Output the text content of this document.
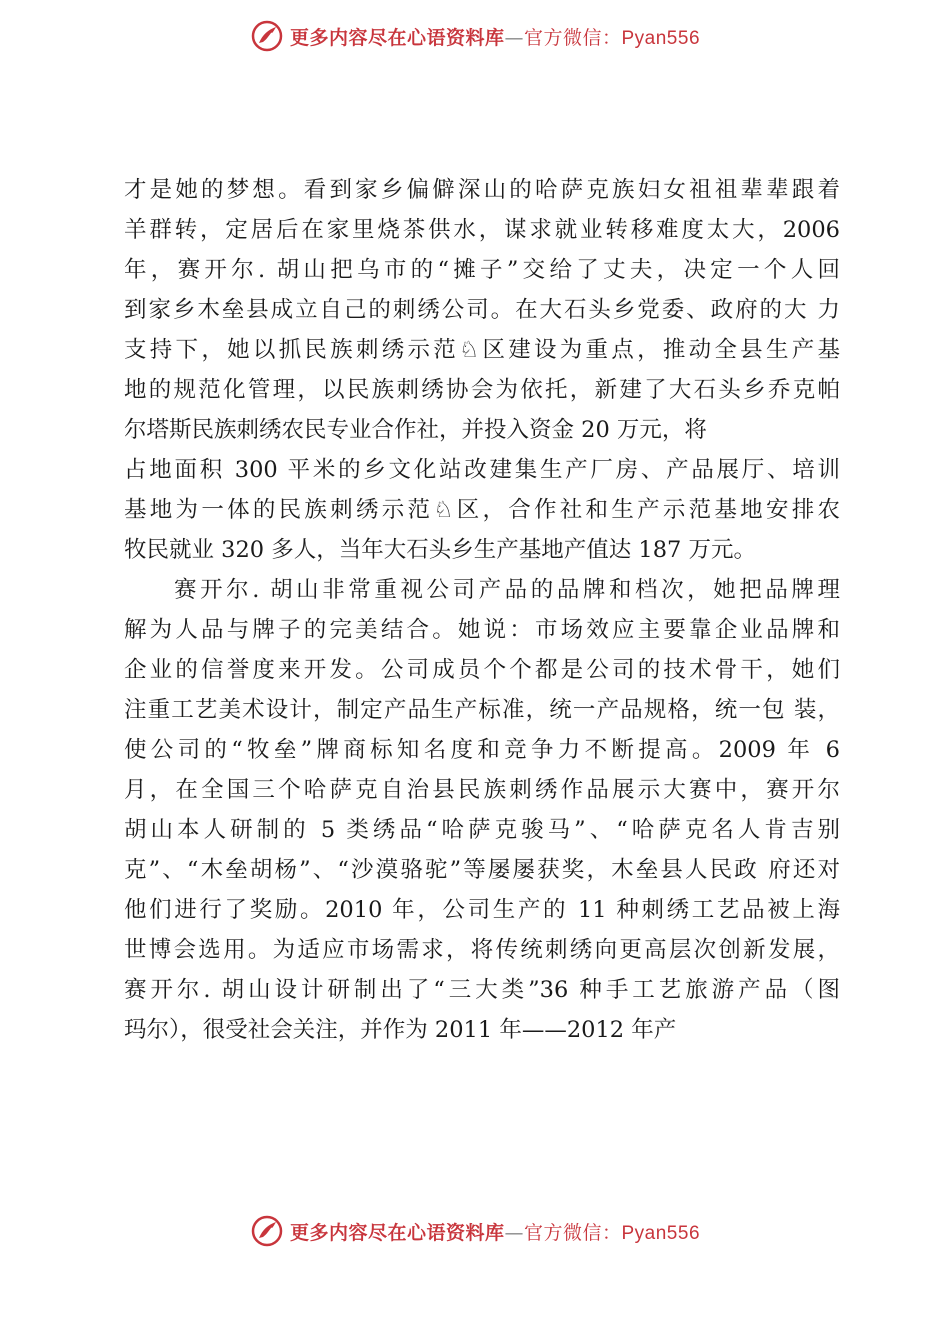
更多内容尽在心语资料库—官方微信：Pyan556
才是她的梦想。看到家乡偏僻深山的哈萨克族妇女祖祖辈辈跟着
羊群转，定居后在家里烧茶供水，谋求就业转移难度太大，2006
年，赛开尔. 胡山把乌市的“摊子”交给了丈夫，决定一个人回
到家乡木垒县成立自己的刺绣公司。在大石头乡党委、政府的大 力
支持下，她以抓民族刺绣示范♘区建设为重点，推动全县生产基
地的规范化管理，以民族刺绣协会为依托，新建了大石头乡乔克帕
尔塔斯民族刺绣农民专业合作社，并投入资金 20 万元，将
占地面积 300 平米的乡文化站改建集生产厂房、产品展厅、培训
基地为一体的民族刺绣示范♘区，合作社和生产示范基地安排农
牧民就业 320 多人，当年大石头乡生产基地产值达 187 万元。
赛开尔. 胡山非常重视公司产品的品牌和档次，她把品牌理
解为人品与牌子的完美结合。她说：市场效应主要靠企业品牌和
企业的信誉度来开发。公司成员个个都是公司的技术骨干，她们
注重工艺美术设计，制定产品生产标准，统一产品规格，统一包 装，
使公司的“牧垒”牌商标知名度和竞争力不断提高。2009 年 6
月，在全国三个哈萨克自治县民族刺绣作品展示大赛中，赛开尔
胡山本人研制的 5 类绣品“哈萨克骏马”、“哈萨克名人肯吉别
克”、“木垒胡杨”、“沙漠骆驼”等屡屡获奖，木垒县人民政 府还对
他们进行了奖励。2010 年，公司生产的 11 种刺绣工艺品被上海
世博会选用。为适应市场需求，将传统刺绣向更高层次创新发展，
赛开尔. 胡山设计研制出了“三大类”36 种手工艺旅游产品（图
玛尔），很受社会关注，并作为 2011 年——2012 年产
更多内容尽在心语资料库—官方微信：Pyan556
